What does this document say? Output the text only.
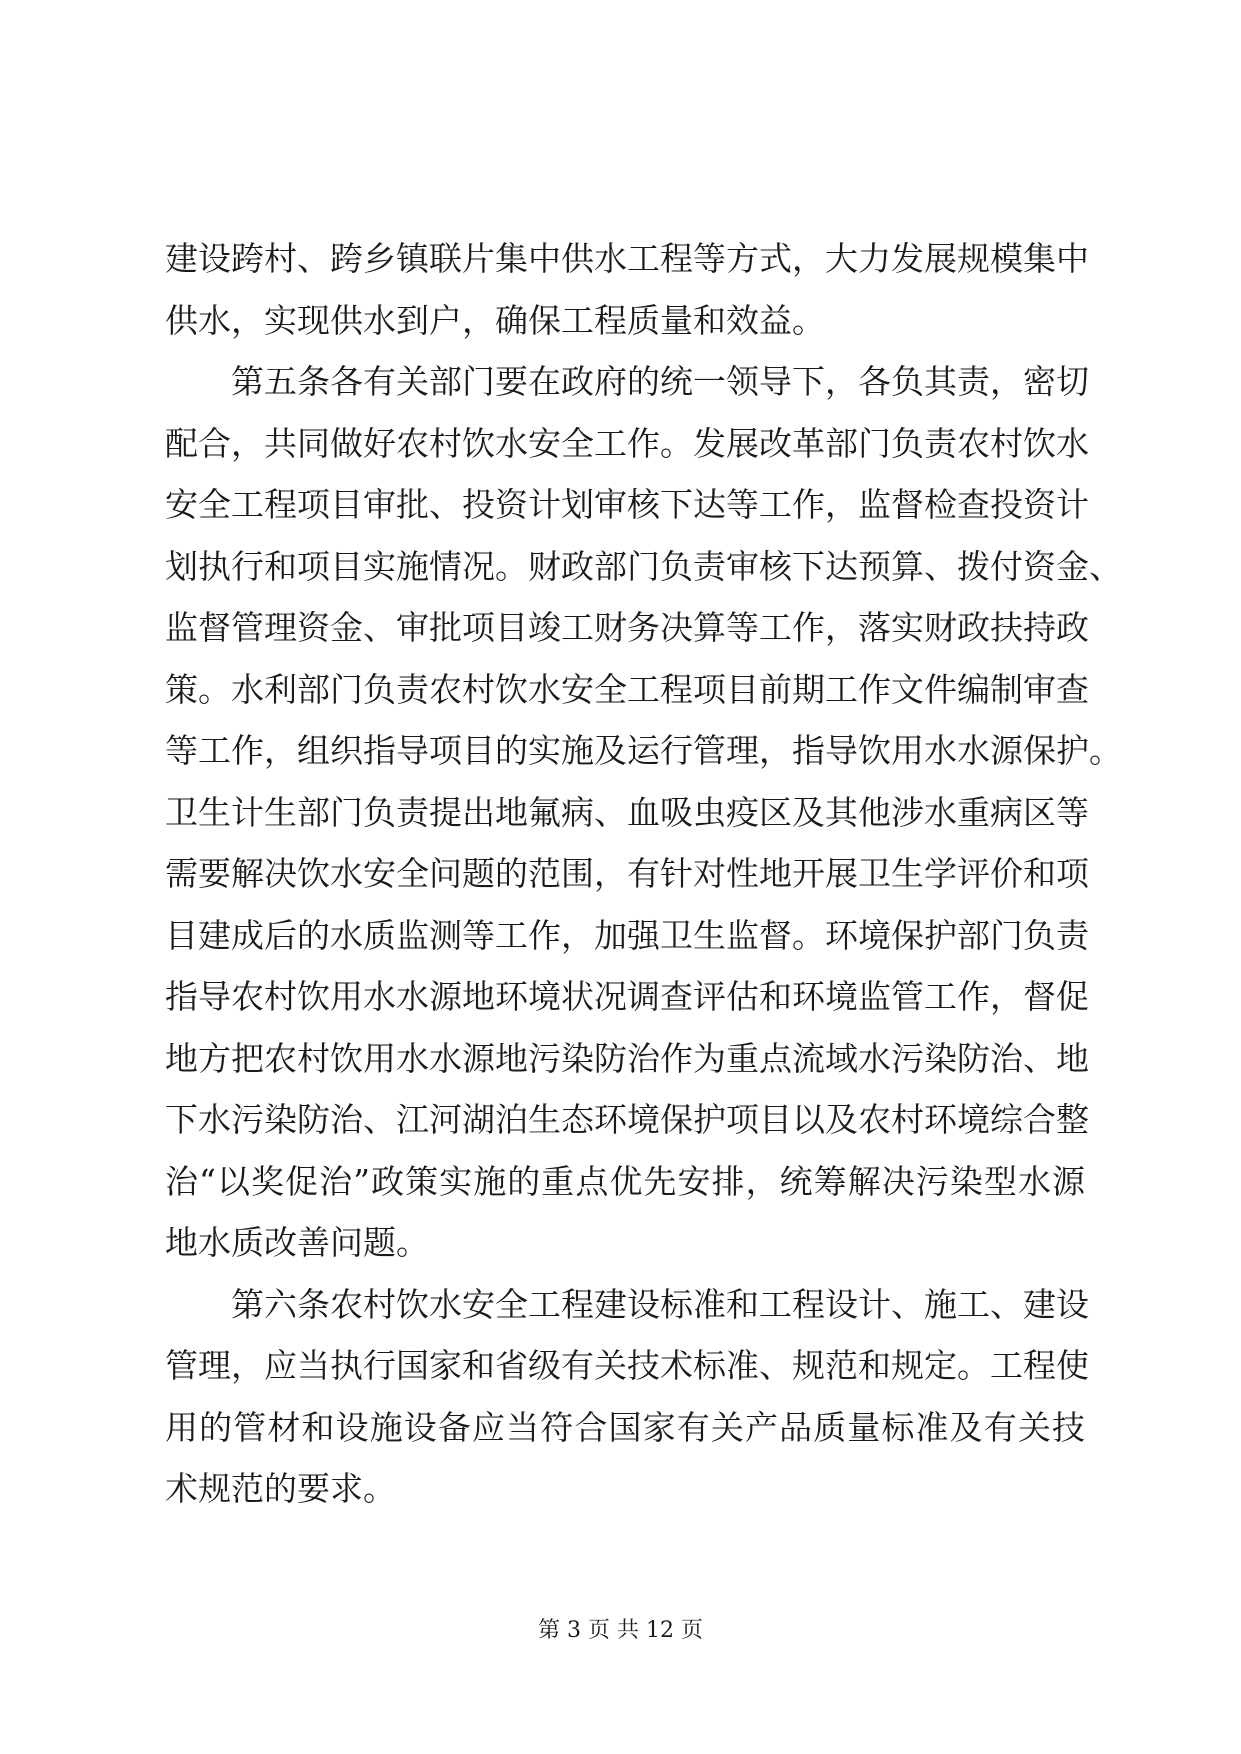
建设跨村、跨乡镇联片集中供水工程等方式，大力发展规模集中
供水，实现供水到户，确保工程质量和效益。
第五条各有关部门要在政府的统一领导下，各负其责，密切
配合，共同做好农村饮水安全工作。发展改革部门负责农村饮水
安全工程项目审批、投资计划审核下达等工作，监督检查投资计
划执行和项目实施情况。财政部门负责审核下达预算、拨付资金、
监督管理资金、审批项目竣工财务决算等工作，落实财政扶持政
策。水利部门负责农村饮水安全工程项目前期工作文件编制审查
等工作，组织指导项目的实施及运行管理，指导饮用水水源保护。
卫生计生部门负责提出地氟病、血吸虫疫区及其他涉水重病区等
需要解决饮水安全问题的范围，有针对性地开展卫生学评价和项
目建成后的水质监测等工作，加强卫生监督。环境保护部门负责
指导农村饮用水水源地环境状况调查评估和环境监管工作，督促
地方把农村饮用水水源地污染防治作为重点流域水污染防治、地
下水污染防治、江河湖泊生态环境保护项目以及农村环境综合整
治“以奖促治”政策实施的重点优先安排，统筹解决污染型水源
地水质改善问题。
第六条农村饮水安全工程建设标准和工程设计、施工、建设
管理，应当执行国家和省级有关技术标准、规范和规定。工程使
用的管材和设施设备应当符合国家有关产品质量标准及有关技
术规范的要求。
第 3 页 共 12 页
